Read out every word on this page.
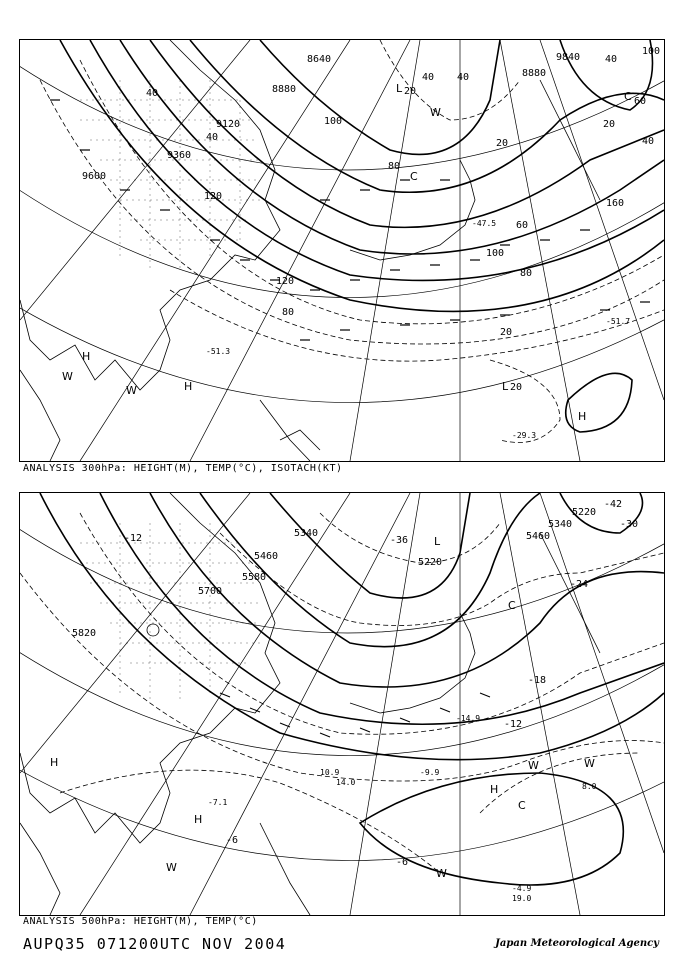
8640
8880
9120
9360
9600
8880
9840
40
80
100
120
160
80
40
20
80
120
60
20
40
40
20
60
40
40
100
100
-47.5
-51.7
-29.3
-51.3
L 20
L 20
C
C
W
W
W
H
H
H
ANALYSIS 300hPa: HEIGHT(M), TEMP(°C), ISOTACH(KT)
5820
5700
5580
5460
5340
5220
5340
5220
5460
-12
-42
-36
-30
-24
-18
-12
-6
-6
-7.1
-9.9
-14.9
-4.9
19.0
8.0
10.9
14.0
L
C
C
W
W
W	W
H
H
H
ANALYSIS 500hPa: HEIGHT(M), TEMP(°C)
AUPQ35 071200UTC NOV 2004	Japan Meteorological Agency
